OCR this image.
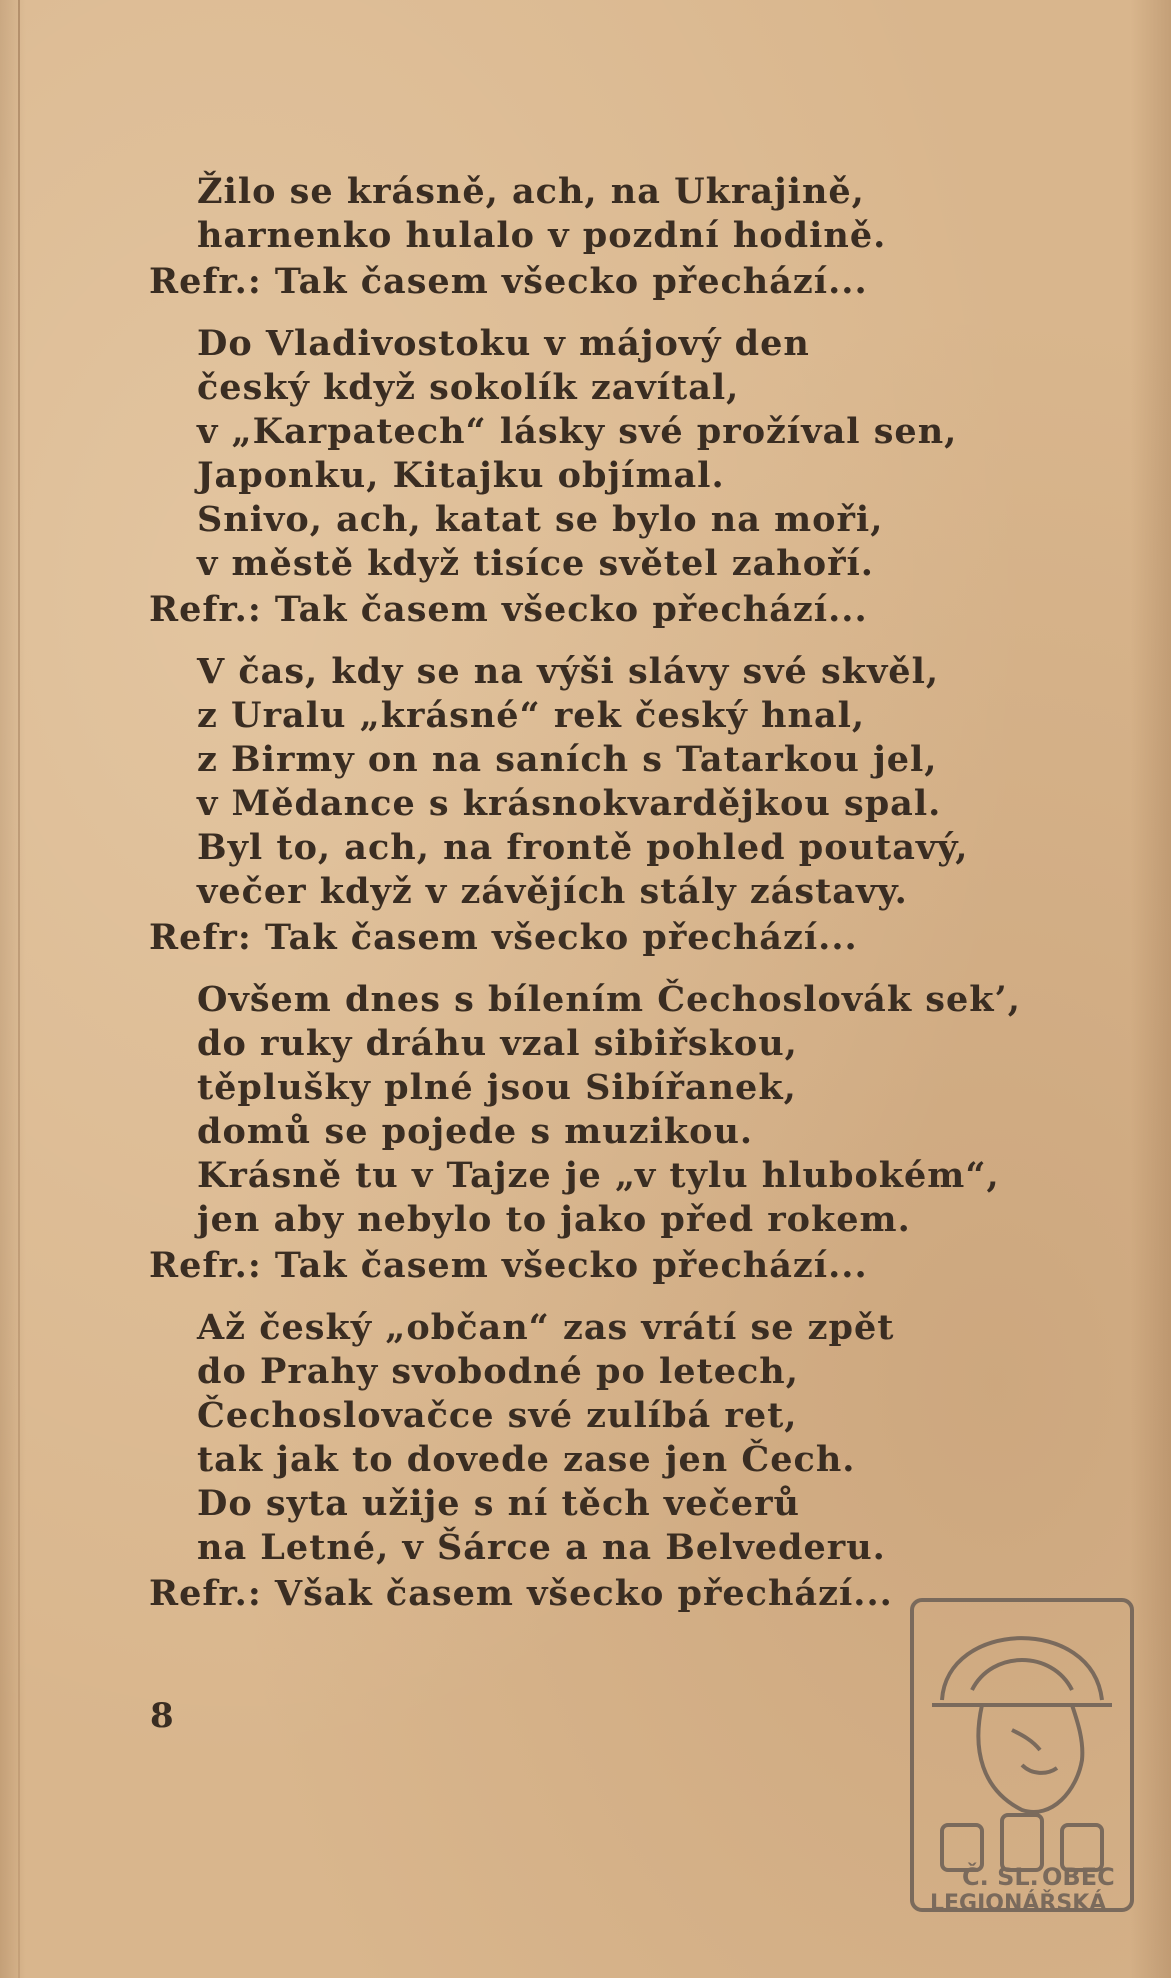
Žilo se krásně, ach, na Ukrajině,
harnenko hulalo v pozdní hodině.
Refr.: Tak časem všecko přechází...
Do Vladivostoku v májový den
český když sokolík zavítal,
v „Karpatech“ lásky své prožíval sen,
Japonku, Kitajku objímal.
Snivo, ach, katat se bylo na moři,
v městě když tisíce světel zahoří.
Refr.: Tak časem všecko přechází...
V čas, kdy se na výši slávy své skvěl,
z Uralu „krásné“ rek český hnal,
z Birmy on na saních s Tatarkou jel,
v Mědance s krásnokvardějkou spal.
Byl to, ach, na frontě pohled poutavý,
večer když v závějích stály zástavy.
Refr: Tak časem všecko přechází...
Ovšem dnes s bílením Čechoslovák sek’,
do ruky dráhu vzal sibiřskou,
těplušky plné jsou Sibířanek,
domů se pojede s muzikou.
Krásně tu v Tajze je „v tylu hlubokém“,
jen aby nebylo to jako před rokem.
Refr.: Tak časem všecko přechází...
Až český „občan“ zas vrátí se zpět
do Prahy svobodné po letech,
Čechoslovačce své zulíbá ret,
tak jak to dovede zase jen Čech.
Do syta užije s ní těch večerů
na Letné, v Šárce a na Belvederu.
Refr.: Však časem všecko přechází...
8
Č. SL. OBEC
LEGIONÁŘSKÁ
